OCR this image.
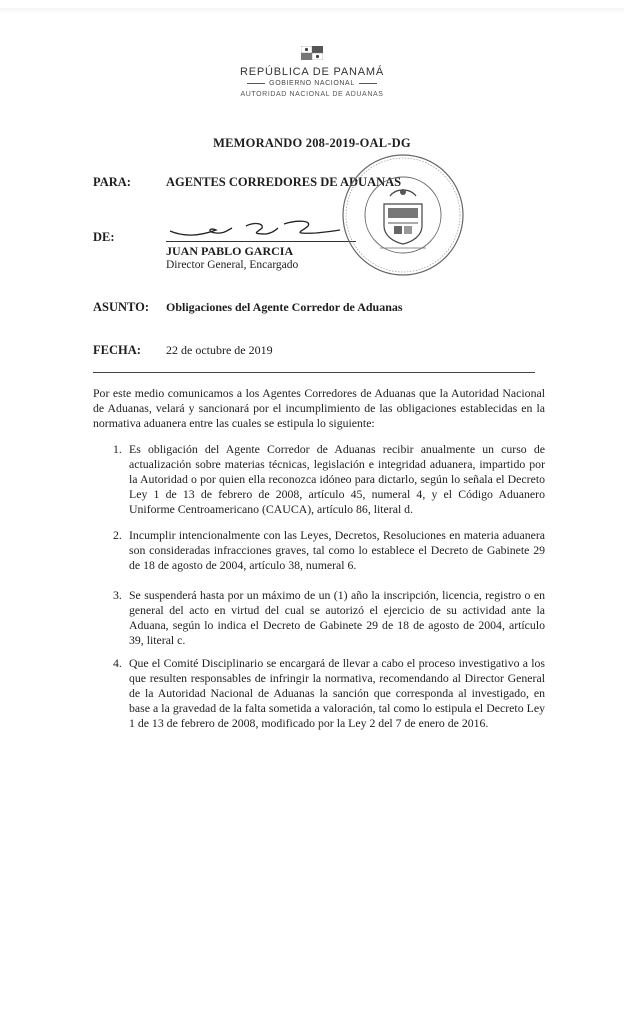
REPÚBLICA DE PANAMÁ
GOBIERNO NACIONAL
AUTORIDAD NACIONAL DE ADUANAS
MEMORANDO 208-2019-OAL-DG
PARA:	AGENTES CORREDORES DE ADUANAS
DE:
JUAN PABLO GARCIA
Director General, Encargado
ASUNTO: Obligaciones del Agente Corredor de Aduanas
FECHA: 22 de octubre de 2019
Por este medio comunicamos a los Agentes Corredores de Aduanas que la Autoridad Nacional de Aduanas, velará y sancionará por el incumplimiento de las obligaciones establecidas en la normativa aduanera entre las cuales se estipula lo siguiente:
1. Es obligación del Agente Corredor de Aduanas recibir anualmente un curso de actualización sobre materias técnicas, legislación e integridad aduanera, impartido por la Autoridad o por quien ella reconozca idóneo para dictarlo, según lo señala el Decreto Ley 1 de 13 de febrero de 2008, artículo 45, numeral 4, y el Código Aduanero Uniforme Centroamericano (CAUCA), artículo 86, literal d.
2. Incumplir intencionalmente con las Leyes, Decretos, Resoluciones en materia aduanera son consideradas infracciones graves, tal como lo establece el Decreto de Gabinete 29 de 18 de agosto de 2004, artículo 38, numeral 6.
3. Se suspenderá hasta por un máximo de un (1) año la inscripción, licencia, registro o en general del acto en virtud del cual se autorizó el ejercicio de su actividad ante la Aduana, según lo indica el Decreto de Gabinete 29 de 18 de agosto de 2004, artículo 39, literal c.
4. Que el Comité Disciplinario se encargará de llevar a cabo el proceso investigativo a los que resulten responsables de infringir la normativa, recomendando al Director General de la Autoridad Nacional de Aduanas la sanción que corresponda al investigado, en base a la gravedad de la falta sometida a valoración, tal como lo estipula el Decreto Ley 1 de 13 de febrero de 2008, modificado por la Ley 2 del 7 de enero de 2016.
